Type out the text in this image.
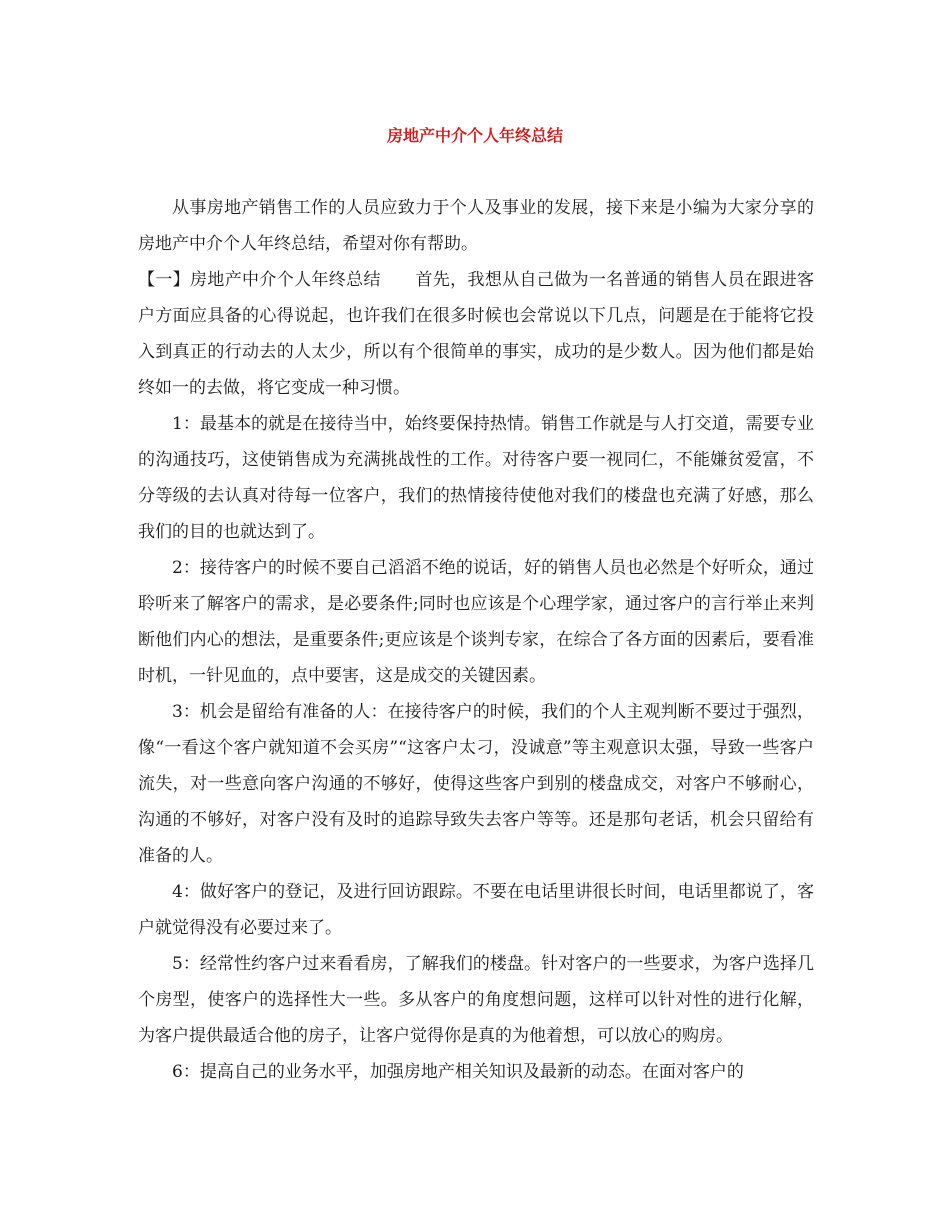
房地产中介个人年终总结

从事房地产销售工作的人员应致力于个人及事业的发展，接下来是小编为大家分享的房地产中介个人年终总结，希望对你有帮助。

【一】房地产中介个人年终总结　　首先，我想从自己做为一名普通的销售人员在跟进客户方面应具备的心得说起，也许我们在很多时候也会常说以下几点，问题是在于能将它投入到真正的行动去的人太少，所以有个很简单的事实，成功的是少数人。因为他们都是始终如一的去做，将它变成一种习惯。

1：最基本的就是在接待当中，始终要保持热情。销售工作就是与人打交道，需要专业的沟通技巧，这使销售成为充满挑战性的工作。对待客户要一视同仁，不能嫌贫爱富，不分等级的去认真对待每一位客户，我们的热情接待使他对我们的楼盘也充满了好感，那么我们的目的也就达到了。

2：接待客户的时候不要自己滔滔不绝的说话，好的销售人员也必然是个好听众，通过聆听来了解客户的需求，是必要条件;同时也应该是个心理学家，通过客户的言行举止来判断他们内心的想法，是重要条件;更应该是个谈判专家，在综合了各方面的因素后，要看准时机，一针见血的，点中要害，这是成交的关键因素。

3：机会是留给有准备的人：在接待客户的时候，我们的个人主观判断不要过于强烈，像“一看这个客户就知道不会买房”“这客户太刁，没诚意”等主观意识太强，导致一些客户流失，对一些意向客户沟通的不够好，使得这些客户到别的楼盘成交，对客户不够耐心，沟通的不够好，对客户没有及时的追踪导致失去客户等等。还是那句老话，机会只留给有准备的人。

4：做好客户的登记，及进行回访跟踪。不要在电话里讲很长时间，电话里都说了，客户就觉得没有必要过来了。

5：经常性约客户过来看看房，了解我们的楼盘。针对客户的一些要求，为客户选择几个房型，使客户的选择性大一些。多从客户的角度想问题，这样可以针对性的进行化解，为客户提供最适合他的房子，让客户觉得你是真的为他着想，可以放心的购房。

6：提高自己的业务水平，加强房地产相关知识及最新的动态。在面对客户的
